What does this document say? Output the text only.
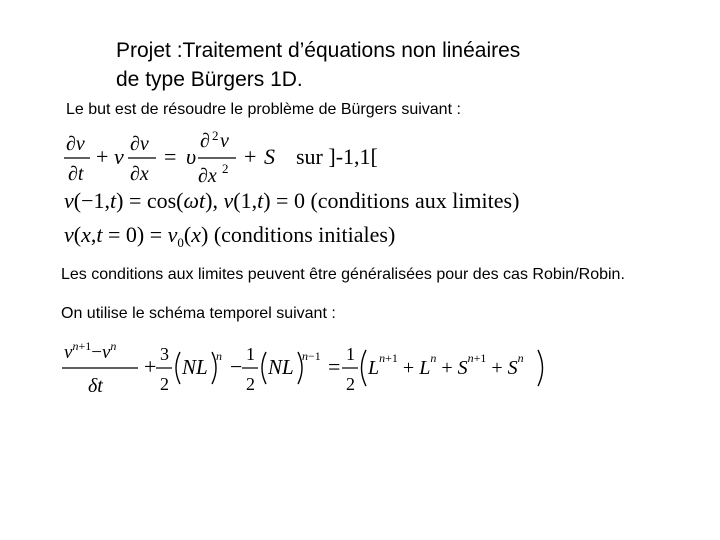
Projet :Traitement d’équations non linéaires
de type Bürgers 1D.
Le but est de résoudre le problème de Bürgers suivant :
∂v
∂t
+ v ∂v
∂x
= υ
∂ 2 v
∂x 2 + S sur ]-1,1[
v(−1,t) = cos(ωt), v(1,t) = 0 (conditions aux limites)
$v(x,t = 0) = v_0(x)$ (conditions initiales)
Les conditions aux limites peuvent être généralisées pour des cas Robin/Robin.
On utilise le schéma temporel suivant :
$v^n+1-v^n$
δt
+ 3
2
NL n − 1
2
NL n−1 = 1
2
$L^n+1 + L^n + S^n+1 + S^n$
